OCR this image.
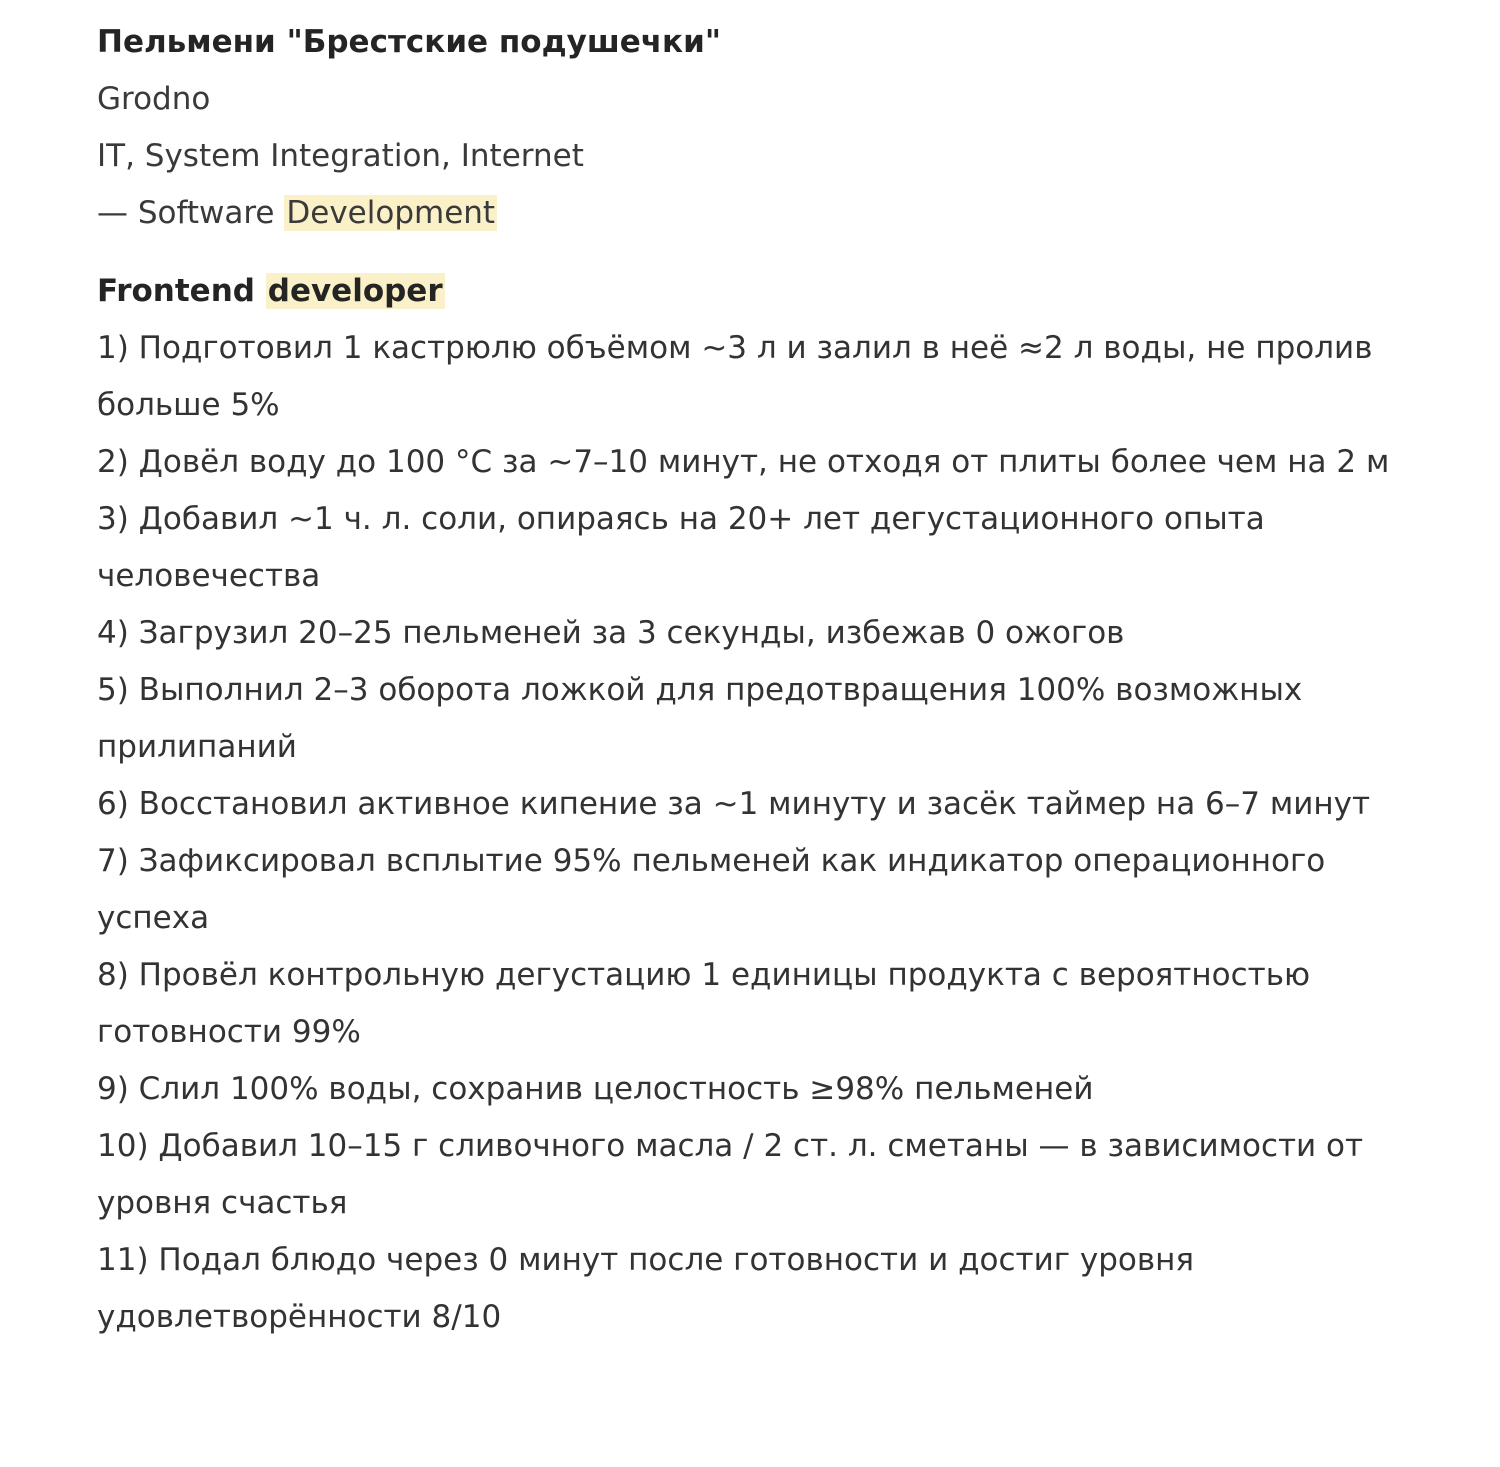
Пельмени "Брестские подушечки"

Grodno

IT, System Integration, Internet

— Software Development

Frontend developer

1) Подготовил 1 кастрюлю объёмом ~3 л и залил в неё ≈2 л воды, не пролив больше 5%
2) Довёл воду до 100 °C за ~7–10 минут, не отходя от плиты более чем на 2 м
3) Добавил ~1 ч. л. соли, опираясь на 20+ лет дегустационного опыта человечества
4) Загрузил 20–25 пельменей за 3 секунды, избежав 0 ожогов
5) Выполнил 2–3 оборота ложкой для предотвращения 100% возможных прилипаний
6) Восстановил активное кипение за ~1 минуту и засёк таймер на 6–7 минут
7) Зафиксировал всплытие 95% пельменей как индикатор операционного успеха
8) Провёл контрольную дегустацию 1 единицы продукта с вероятностью готовности 99%
9) Слил 100% воды, сохранив целостность ≥98% пельменей
10) Добавил 10–15 г сливочного масла / 2 ст. л. сметаны — в зависимости от уровня счастья
11) Подал блюдо через 0 минут после готовности и достиг уровня удовлетворённости 8/10
